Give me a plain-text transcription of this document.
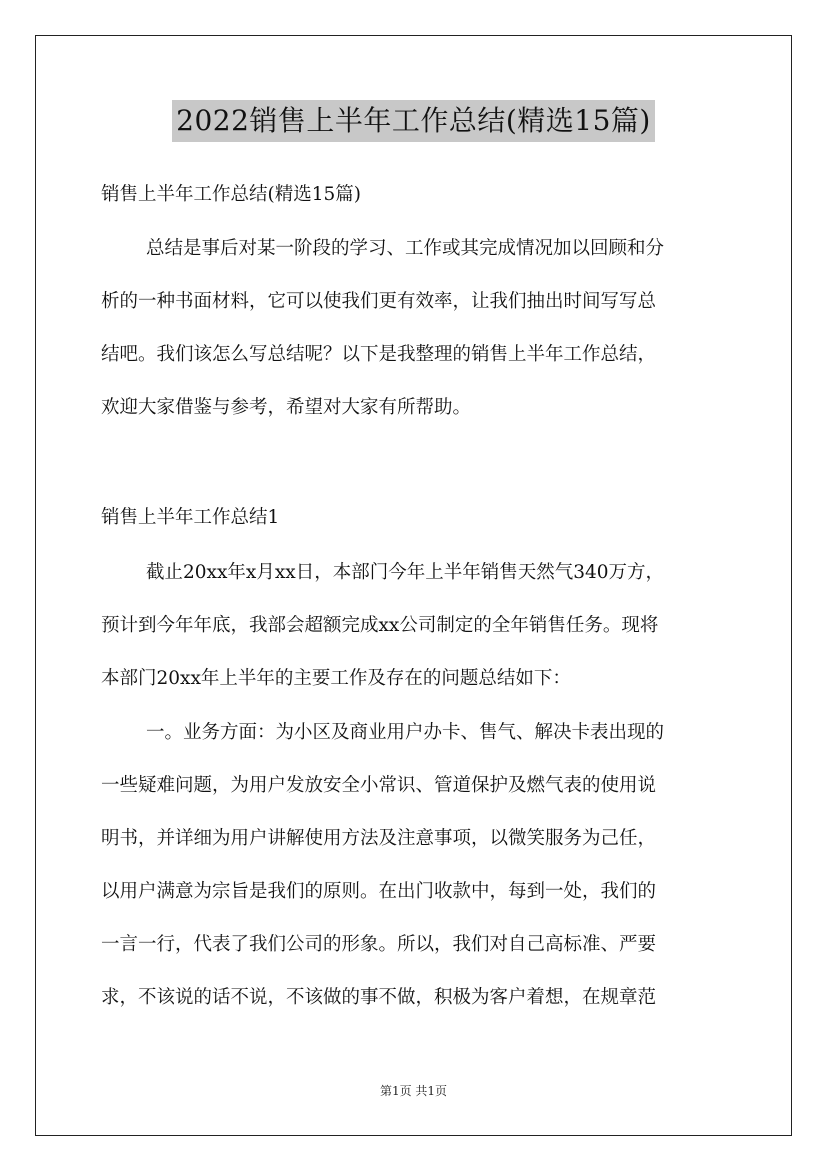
2022销售上半年工作总结(精选15篇)
销售上半年工作总结(精选15篇)
总结是事后对某一阶段的学习、工作或其完成情况加以回顾和分
析的一种书面材料，它可以使我们更有效率，让我们抽出时间写写总
结吧。我们该怎么写总结呢？以下是我整理的销售上半年工作总结，
欢迎大家借鉴与参考，希望对大家有所帮助。
销售上半年工作总结1
截止20xx年x月xx日，本部门今年上半年销售天然气340万方，
预计到今年年底，我部会超额完成xx公司制定的全年销售任务。现将
本部门20xx年上半年的主要工作及存在的问题总结如下：
一。业务方面：为小区及商业用户办卡、售气、解决卡表出现的
一些疑难问题，为用户发放安全小常识、管道保护及燃气表的使用说
明书，并详细为用户讲解使用方法及注意事项，以微笑服务为己任，
以用户满意为宗旨是我们的原则。在出门收款中，每到一处，我们的
一言一行，代表了我们公司的形象。所以，我们对自己高标准、严要
求，不该说的话不说，不该做的事不做，积极为客户着想，在规章范
第1页 共1页
